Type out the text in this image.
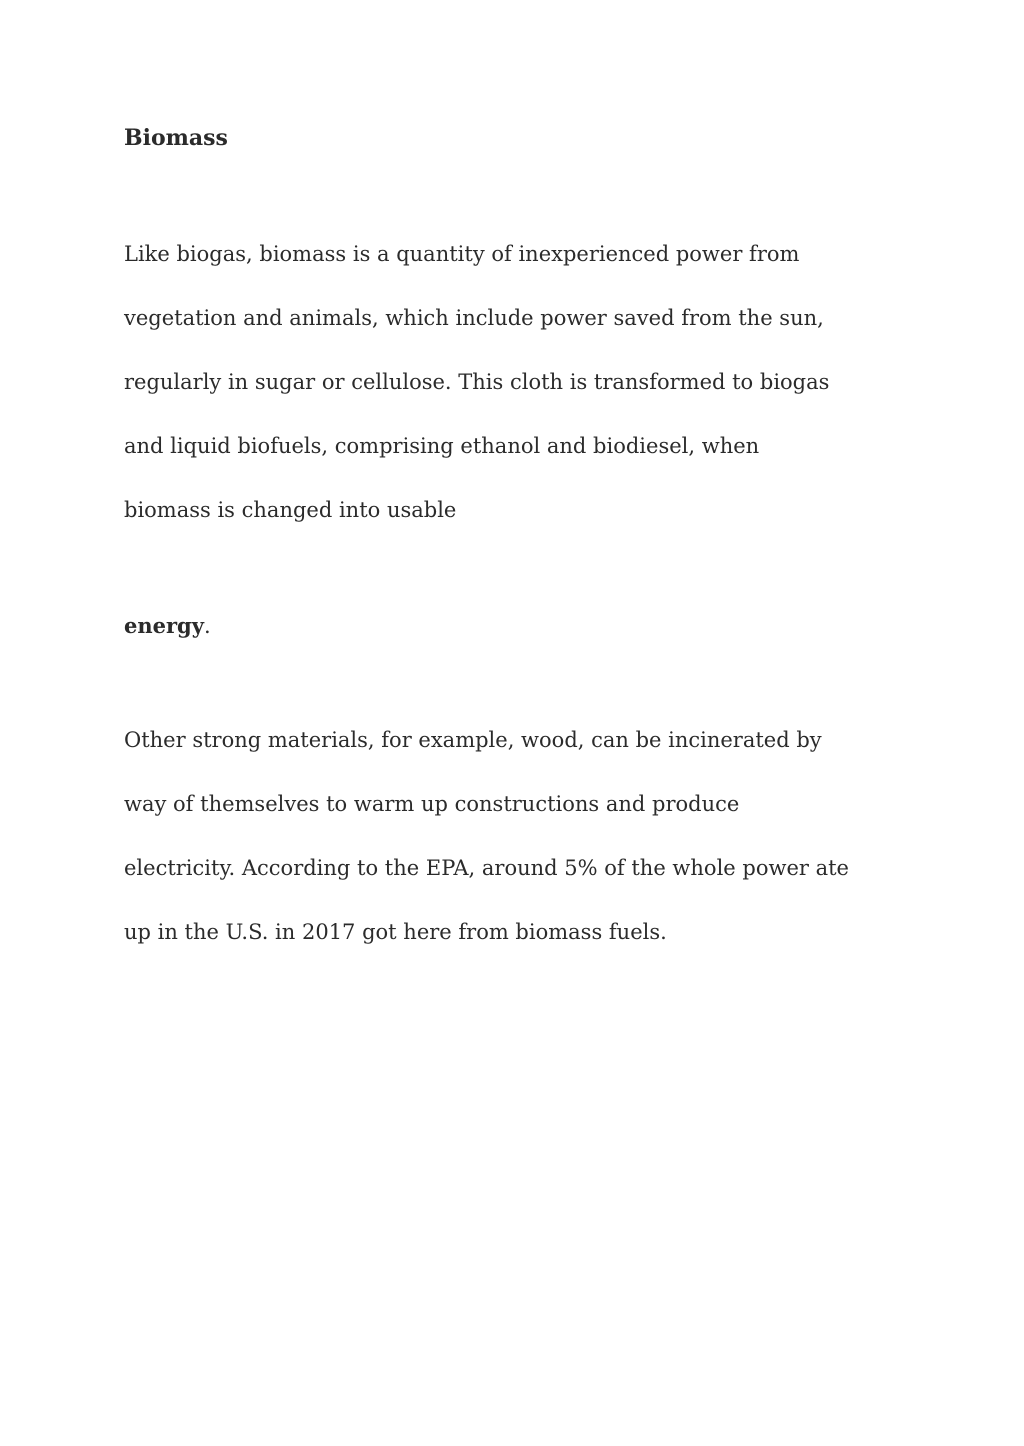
Biomass

Like biogas, biomass is a quantity of inexperienced power from
vegetation and animals, which include power saved from the sun,
regularly in sugar or cellulose. This cloth is transformed to biogas
and liquid biofuels, comprising ethanol and biodiesel, when
biomass is changed into usable

energy.

Other strong materials, for example, wood, can be incinerated by
way of themselves to warm up constructions and produce
electricity. According to the EPA, around 5% of the whole power ate
up in the U.S. in 2017 got here from biomass fuels.
